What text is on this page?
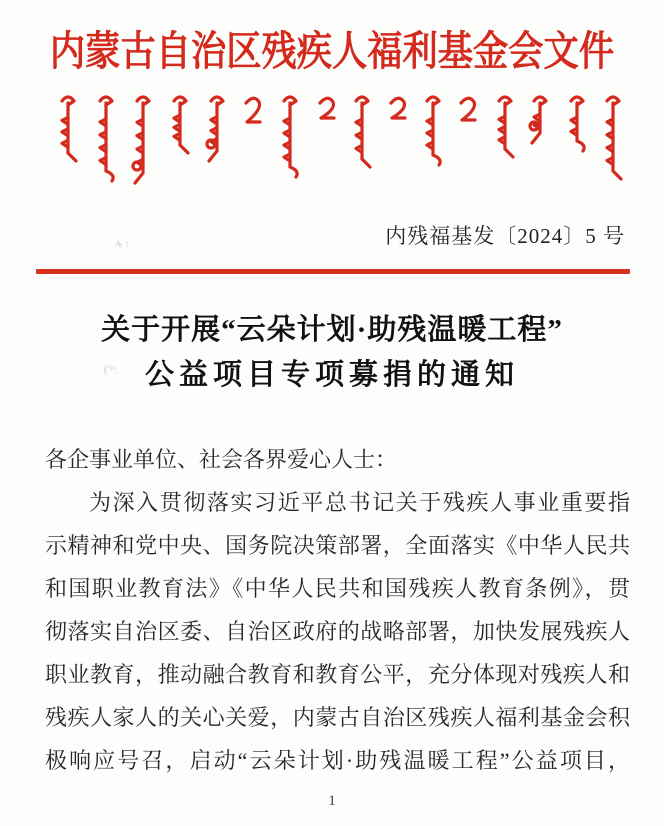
内蒙古自治区残疾人福利基金会文件
内残福基发〔2024〕5 号
关于开展“云朵计划·助残温暖工程”
公益项目专项募捐的通知
各企事业单位、社会各界爱心人士：
为深入贯彻落实习近平总书记关于残疾人事业重要指
示精神和党中央、国务院决策部署，全面落实《中华人民共
和国职业教育法》《中华人民共和国残疾人教育条例》，贯
彻落实自治区委、自治区政府的战略部署，加快发展残疾人
职业教育，推动融合教育和教育公平，充分体现对残疾人和
残疾人家人的关心关爱，内蒙古自治区残疾人福利基金会积
极响应号召，启动“云朵计划·助残温暖工程”公益项目，
ᠰ᠄
('᠈:
1
